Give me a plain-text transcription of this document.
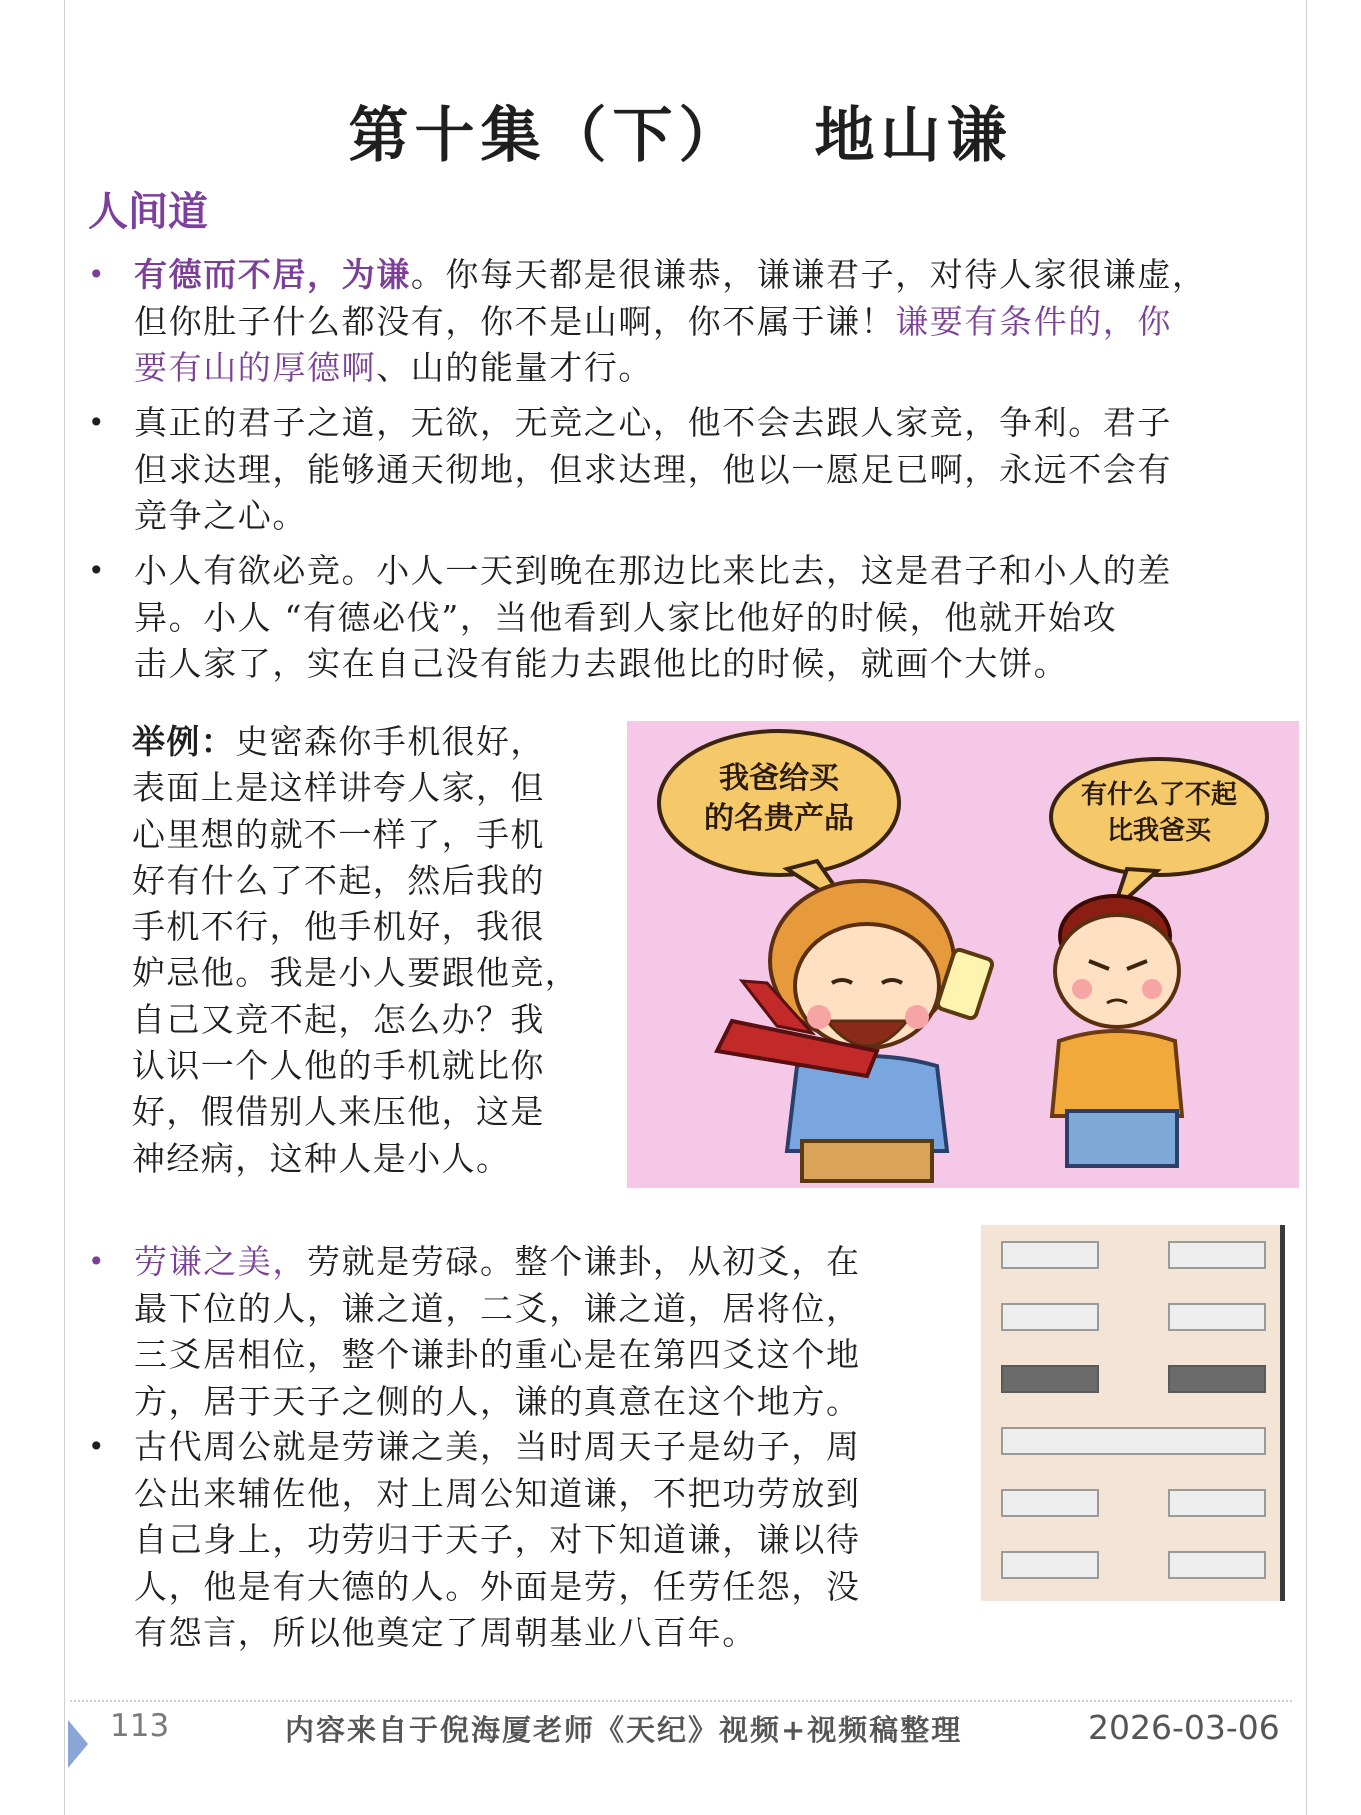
第十集（下） 地山谦
人间道
• 有德而不居，为谦。你每天都是很谦恭，谦谦君子，对待人家很谦虚，
但你肚子什么都没有，你不是山啊，你不属于谦！谦要有条件的，你
要有山的厚德啊、山的能量才行。
• 真正的君子之道，无欲，无竞之心，他不会去跟人家竞，争利。君子
但求达理，能够通天彻地，但求达理，他以一愿足已啊，永远不会有
竞争之心。
• 小人有欲必竞。小人一天到晚在那边比来比去，这是君子和小人的差
异。小人 “有德必伐”，当他看到人家比他好的时候，他就开始攻
击人家了，实在自己没有能力去跟他比的时候，就画个大饼。
举例：史密森你手机很好，
表面上是这样讲夸人家，但
心里想的就不一样了，手机
好有什么了不起，然后我的
手机不行，他手机好，我很
妒忌他。我是小人要跟他竞，
自己又竞不起，怎么办？我
认识一个人他的手机就比你
好，假借别人来压他，这是
神经病，这种人是小人。
我爸给买
的名贵产品
有什么了不起
比我爸买
• 劳谦之美，劳就是劳碌。整个谦卦，从初爻，在
最下位的人，谦之道，二爻，谦之道，居将位，
三爻居相位，整个谦卦的重心是在第四爻这个地
方，居于天子之侧的人，谦的真意在这个地方。
• 古代周公就是劳谦之美，当时周天子是幼子，周
公出来辅佐他，对上周公知道谦，不把功劳放到
自己身上，功劳归于天子，对下知道谦，谦以待
人，他是有大德的人。外面是劳，任劳任怨，没
有怨言，所以他奠定了周朝基业八百年。
113	内容来自于倪海厦老师《天纪》视频+视频稿整理	2026-03-06
